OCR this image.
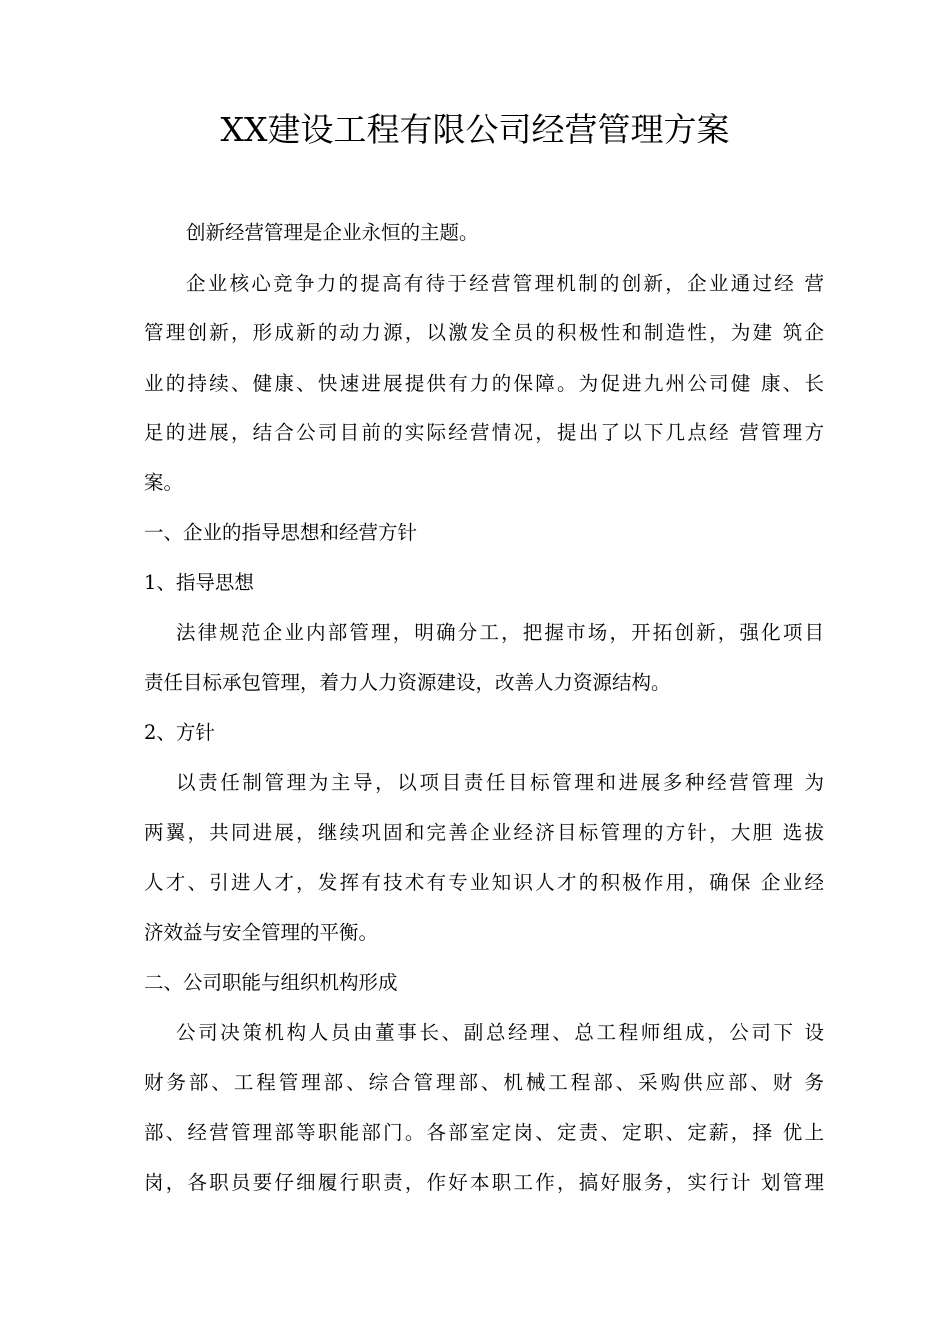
XX建设工程有限公司经营管理方案
创新经营管理是企业永恒的主题。
企业核心竞争力的提高有待于经营管理机制的创新，企业通过经 营
管理创新，形成新的动力源，以激发全员的积极性和制造性，为建 筑企
业的持续、健康、快速进展提供有力的保障。为促进九州公司健 康、长
足的进展，结合公司目前的实际经营情况，提出了以下几点经 营管理方
案。
一、企业的指导思想和经营方针
1、指导思想
法律规范企业内部管理，明确分工，把握市场，开拓创新，强化项目
责任目标承包管理，着力人力资源建设，改善人力资源结构。
2、方针
以责任制管理为主导，以项目责任目标管理和进展多种经营管理 为
两翼，共同进展，继续巩固和完善企业经济目标管理的方针，大胆 选拔
人才、引进人才，发挥有技术有专业知识人才的积极作用，确保 企业经
济效益与安全管理的平衡。
二、公司职能与组织机构形成
公司决策机构人员由董事长、副总经理、总工程师组成，公司下 设
财务部、工程管理部、综合管理部、机械工程部、采购供应部、财 务
部、经营管理部等职能部门。各部室定岗、定责、定职、定薪，择 优上
岗，各职员要仔细履行职责，作好本职工作，搞好服务，实行计 划管理
